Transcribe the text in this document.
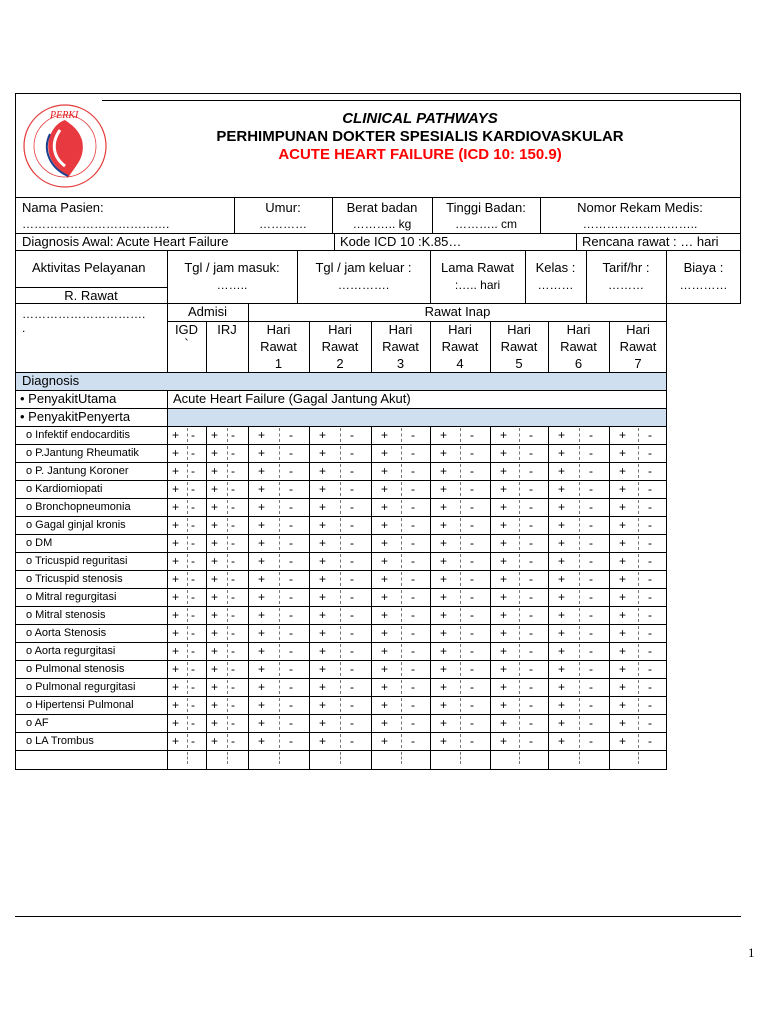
PERKI	CLINICAL PATHWAYS
PERHIMPUNAN DOKTER SPESIALIS KARDIOVASKULAR
ACUTE HEART FAILURE (ICD 10: 150.9)
Nama Pasien:
……………………………….
Umur:
…………
Berat badan
……….. kg
Tinggi Badan:
……….. cm
Nomor Rekam Medis:
………………………..
Diagnosis Awal: Acute Heart Failure	Kode ICD 10 :K.85…	Rencana rawat : … hari
Aktivitas Pelayanan	Tgl / jam masuk:
……..
Tgl / jam keluar :
………….
Lama Rawat
:….. hari
Kelas :
………
Tarif/hr :
………
Biaya :
…………
R. Rawat
………………………….
.
Admisi	Rawat Inap
IGD
`
IRJ	Hari
Rawat
1
Hari
Rawat
2
Hari
Rawat
3
Hari
Rawat
4
Hari
Rawat
5
Hari
Rawat
6
Hari
Rawat
7
Diagnosis
• PenyakitUtama	Acute Heart Failure (Gagal Jantung Akut)
• PenyakitPenyerta
o Infektif endocarditis	+ - + - + - + - + - + - + - + - + -
o P.Jantung Rheumatik	+ - + - + - + - + - + - + - + - + -
o P. Jantung Koroner	+ - + - + - + - + - + - + - + - + -
o Kardiomiopati	+ - + - + - + - + - + - + - + - + -
o Bronchopneumonia	+ - + - + - + - + - + - + - + - + -
o Gagal ginjal kronis	+ - + - + - + - + - + - + - + - + -
o DM	+ - + - + - + - + - + - + - + - + -
o Tricuspid reguritasi	+ - + - + - + - + - + - + - + - + -
o Tricuspid stenosis	+ - + - + - + - + - + - + - + - + -
o Mitral regurgitasi	+ - + - + - + - + - + - + - + - + -
o Mitral stenosis	+ - + - + - + - + - + - + - + - + -
o Aorta Stenosis	+ - + - + - + - + - + - + - + - + -
o Aorta regurgitasi	+ - + - + - + - + - + - + - + - + -
o Pulmonal stenosis	+ - + - + - + - + - + - + - + - + -
o Pulmonal regurgitasi	+ - + - + - + - + - + - + - + - + -
o Hipertensi Pulmonal	+ - + - + - + - + - + - + - + - + -
o AF	+ - + - + - + - + - + - + - + - + -
o LA Trombus	+ - + - + - + - + - + - + - + - + -
1
